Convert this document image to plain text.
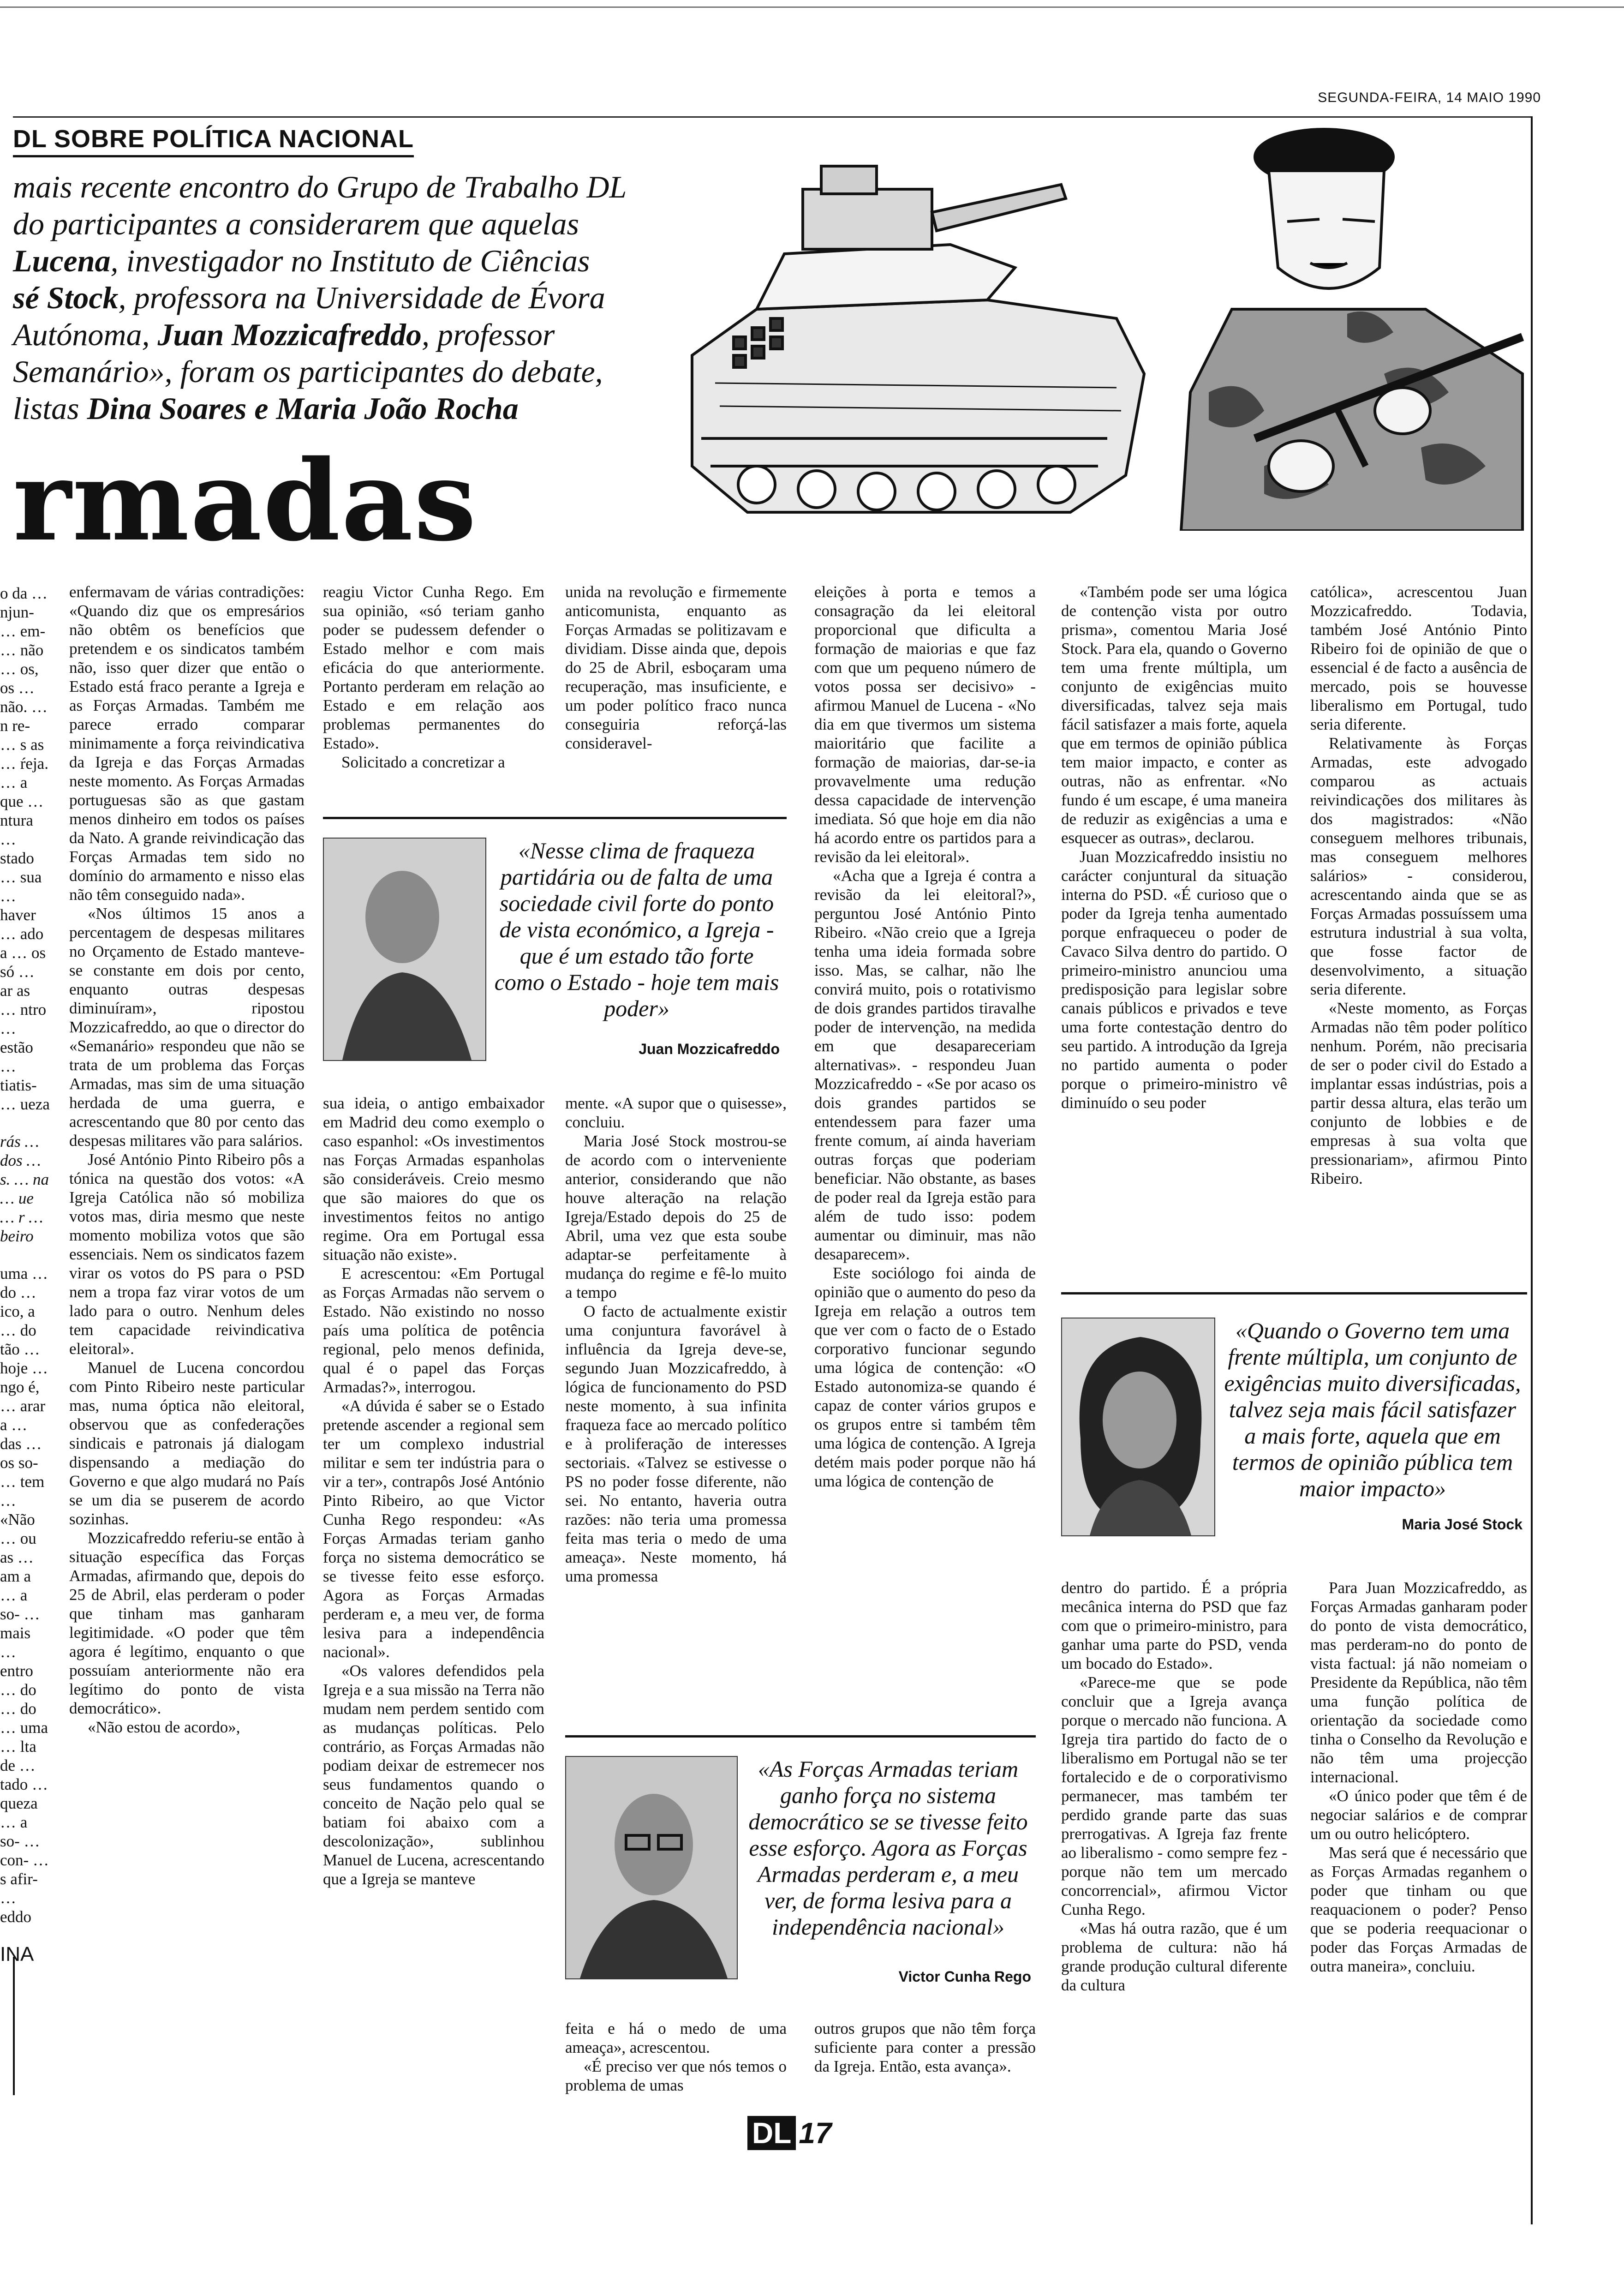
SEGUNDA-FEIRA, 14 MAIO 1990
DL SOBRE POLÍTICA NACIONAL
mais recente encontro do Grupo de Trabalho DL
do participantes a considerarem que aquelas
Lucena, investigador no Instituto de Ciências
sé Stock, professora na Universidade de Évora
Autónoma, Juan Mozzicafreddo, professor
Semanário», foram os participantes do debate,
listas Dina Soares e Maria João Rocha
rmadas

o da … njun- … em- … não … os, os … não. … n re- … s as … ŕeja. … a que … ntura … stado … sua … haver … ado a … os só … ar as … ntro … estão … tiatis- … ueza

rás … dos … s. … na … ue … r … beiro

uma … do … ico, a … do tão … hoje … ngo é, … arar a … das … os so- … tem … «Não … ou as … am a … a so- … mais … entro … do … do … uma … lta de … tado … queza … a so- … con- … s afir- … eddo

INA

enfermavam de várias contradições: «Quando diz que os empresários não obtêm os benefícios que pretendem e os sindicatos também não, isso quer dizer que então o Estado está fraco perante a Igreja e as Forças Armadas. Também me parece errado comparar minimamente a força reivindicativa da Igreja e das Forças Armadas neste momento. As Forças Armadas portuguesas são as que gastam menos dinheiro em todos os países da Nato. A grande reivindicação das Forças Armadas tem sido no domínio do armamento e nisso elas não têm conseguido nada».

«Nos últimos 15 anos a percentagem de despesas militares no Orçamento de Estado manteve-se constante em dois por cento, enquanto outras despesas diminuíram», ripostou Mozzicafreddo, ao que o director do «Semanário» respondeu que não se trata de um problema das Forças Armadas, mas sim de uma situação herdada de uma guerra, e acrescentando que 80 por cento das despesas militares vão para salários.

José António Pinto Ribeiro pôs a tónica na questão dos votos: «A Igreja Católica não só mobiliza votos mas, diria mesmo que neste momento mobiliza votos que são essenciais. Nem os sindicatos fazem virar os votos do PS para o PSD nem a tropa faz virar votos de um lado para o outro. Nenhum deles tem capacidade reivindicativa eleitoral».

Manuel de Lucena concordou com Pinto Ribeiro neste particular mas, numa óptica não eleitoral, observou que as confederações sindicais e patronais já dialogam dispensando a mediação do Governo e que algo mudará no País se um dia se puserem de acordo sozinhas.

Mozzicafreddo referiu-se então à situação específica das Forças Armadas, afirmando que, depois do 25 de Abril, elas perderam o poder que tinham mas ganharam legitimidade. «O poder que têm agora é legítimo, enquanto o que possuíam anteriormente não era legítimo do ponto de vista democrático».

«Não estou de acordo»,

reagiu Victor Cunha Rego. Em sua opinião, «só teriam ganho poder se pudessem defender o Estado melhor e com mais eficácia do que anteriormente. Portanto perderam em relação ao Estado e em relação aos problemas permanentes do Estado».

Solicitado a concretizar a

unida na revolução e firmemente anticomunista, enquanto as Forças Armadas se politizavam e dividiam. Disse ainda que, depois do 25 de Abril, esboçaram uma recuperação, mas insuficiente, e um poder político fraco nunca conseguiria reforçá-las consideravel-

«Nesse clima de fraqueza partidária ou de falta de uma sociedade civil forte do ponto de vista económico, a Igreja - que é um estado tão forte como o Estado - hoje tem mais poder»
Juan Mozzicafreddo

sua ideia, o antigo embaixador em Madrid deu como exemplo o caso espanhol: «Os investimentos nas Forças Armadas espanholas são consideráveis. Creio mesmo que são maiores do que os investimentos feitos no antigo regime. Ora em Portugal essa situação não existe».

E acrescentou: «Em Portugal as Forças Armadas não servem o Estado. Não existindo no nosso país uma política de potência regional, pelo menos definida, qual é o papel das Forças Armadas?», interrogou.

«A dúvida é saber se o Estado pretende ascender a regional sem ter um complexo industrial militar e sem ter indústria para o vir a ter», contrapôs José António Pinto Ribeiro, ao que Victor Cunha Rego respondeu: «As Forças Armadas teriam ganho força no sistema democrático se se tivesse feito esse esforço. Agora as Forças Armadas perderam e, a meu ver, de forma lesiva para a independência nacional».

«Os valores defendidos pela Igreja e a sua missão na Terra não mudam nem perdem sentido com as mudanças políticas. Pelo contrário, as Forças Armadas não podiam deixar de estremecer nos seus fundamentos quando o conceito de Nação pelo qual se batiam foi abaixo com a descolonização», sublinhou Manuel de Lucena, acrescentando que a Igreja se manteve

mente. «A supor que o quisesse», concluiu.

Maria José Stock mostrou-se de acordo com o interveniente anterior, considerando que não houve alteração na relação Igreja/Estado depois do 25 de Abril, uma vez que esta soube adaptar-se perfeitamente à mudança do regime e fê-lo muito a tempo

O facto de actualmente existir uma conjuntura favorável à influência da Igreja deve-se, segundo Juan Mozzicafreddo, à lógica de funcionamento do PSD neste momento, à sua infinita fraqueza face ao mercado político e à proliferação de interesses sectoriais. «Talvez se estivesse o PS no poder fosse diferente, não sei. No entanto, haveria outra razões: não teria uma promessa feita mas teria o medo de uma ameaça». Neste momento, há uma promessa

eleições à porta e temos a consagração da lei eleitoral proporcional que dificulta a formação de maiorias e que faz com que um pequeno número de votos possa ser decisivo» - afirmou Manuel de Lucena - «No dia em que tivermos um sistema maioritário que facilite a formação de maiorias, dar-se-ia provavelmente uma redução dessa capacidade de intervenção imediata. Só que hoje em dia não há acordo entre os partidos para a revisão da lei eleitoral».

«Acha que a Igreja é contra a revisão da lei eleitoral?», perguntou José António Pinto Ribeiro. «Não creio que a Igreja tenha uma ideia formada sobre isso. Mas, se calhar, não lhe convirá muito, pois o rotativismo de dois grandes partidos tiravalhe poder de intervenção, na medida em que desapareceriam alternativas». - respondeu Juan Mozzicafreddo - «Se por acaso os dois grandes partidos se entendessem para fazer uma frente comum, aí ainda haveriam outras forças que poderiam beneficiar. Não obstante, as bases de poder real da Igreja estão para além de tudo isso: podem aumentar ou diminuir, mas não desaparecem».

Este sociólogo foi ainda de opinião que o aumento do peso da Igreja em relação a outros tem que ver com o facto de o Estado corporativo funcionar segundo uma lógica de contenção: «O Estado autonomiza-se quando é capaz de conter vários grupos e os grupos entre si também têm uma lógica de contenção. A Igreja detém mais poder porque não há uma lógica de contenção de

«Também pode ser uma lógica de contenção vista por outro prisma», comentou Maria José Stock. Para ela, quando o Governo tem uma frente múltipla, um conjunto de exigências muito diversificadas, talvez seja mais fácil satisfazer a mais forte, aquela que em termos de opinião pública tem maior impacto, e conter as outras, não as enfrentar. «No fundo é um escape, é uma maneira de reduzir as exigências a uma e esquecer as outras», declarou.

Juan Mozzicafreddo insistiu no carácter conjuntural da situação interna do PSD. «É curioso que o poder da Igreja tenha aumentado porque enfraqueceu o poder de Cavaco Silva dentro do partido. O primeiro-ministro anunciou uma predisposição para legislar sobre canais públicos e privados e teve uma forte contestação dentro do seu partido. A introdução da Igreja no partido aumenta o poder porque o primeiro-ministro vê diminuído o seu poder

católica», acrescentou Juan Mozzicafreddo. Todavia, também José António Pinto Ribeiro foi de opinião de que o essencial é de facto a ausência de mercado, pois se houvesse liberalismo em Portugal, tudo seria diferente.

Relativamente às Forças Armadas, este advogado comparou as actuais reivindicações dos militares às dos magistrados: «Não conseguem melhores tribunais, mas conseguem melhores salários» - considerou, acrescentando ainda que se as Forças Armadas possuíssem uma estrutura industrial à sua volta, que fosse factor de desenvolvimento, a situação seria diferente.

«Neste momento, as Forças Armadas não têm poder político nenhum. Porém, não precisaria de ser o poder civil do Estado a implantar essas indústrias, pois a partir dessa altura, elas terão um conjunto de lobbies e de empresas à sua volta que pressionariam», afirmou Pinto Ribeiro.

«Quando o Governo tem uma frente múltipla, um conjunto de exigências muito diversificadas, talvez seja mais fácil satisfazer a mais forte, aquela que em termos de opinião pública tem maior impacto»
Maria José Stock
«As Forças Armadas teriam ganho força no sistema democrático se se tivesse feito esse esforço. Agora as Forças Armadas perderam e, a meu ver, de forma lesiva para a independência nacional»
Victor Cunha Rego

feita e há o medo de uma ameaça», acrescentou.

«É preciso ver que nós temos o problema de umas

outros grupos que não têm força suficiente para conter a pressão da Igreja. Então, esta avança».

dentro do partido. É a própria mecânica interna do PSD que faz com que o primeiro-ministro, para ganhar uma parte do PSD, venda um bocado do Estado».

«Parece-me que se pode concluir que a Igreja avança porque o mercado não funciona. A Igreja tira partido do facto de o liberalismo em Portugal não se ter fortalecido e de o corporativismo permanecer, mas também ter perdido grande parte das suas prerrogativas. A Igreja faz frente ao liberalismo - como sempre fez - porque não tem um mercado concorrencial», afirmou Victor Cunha Rego.

«Mas há outra razão, que é um problema de cultura: não há grande produção cultural diferente da cultura

Para Juan Mozzicafreddo, as Forças Armadas ganharam poder do ponto de vista democrático, mas perderam-no do ponto de vista factual: já não nomeiam o Presidente da República, não têm uma função política de orientação da sociedade como tinha o Conselho da Revolução e não têm uma projecção internacional.

«O único poder que têm é de negociar salários e de comprar um ou outro helicóptero.

Mas será que é necessário que as Forças Armadas reganhem o poder que tinham ou que reaquacionem o poder? Penso que se poderia reequacionar o poder das Forças Armadas de outra maneira», concluiu.

DL 17
